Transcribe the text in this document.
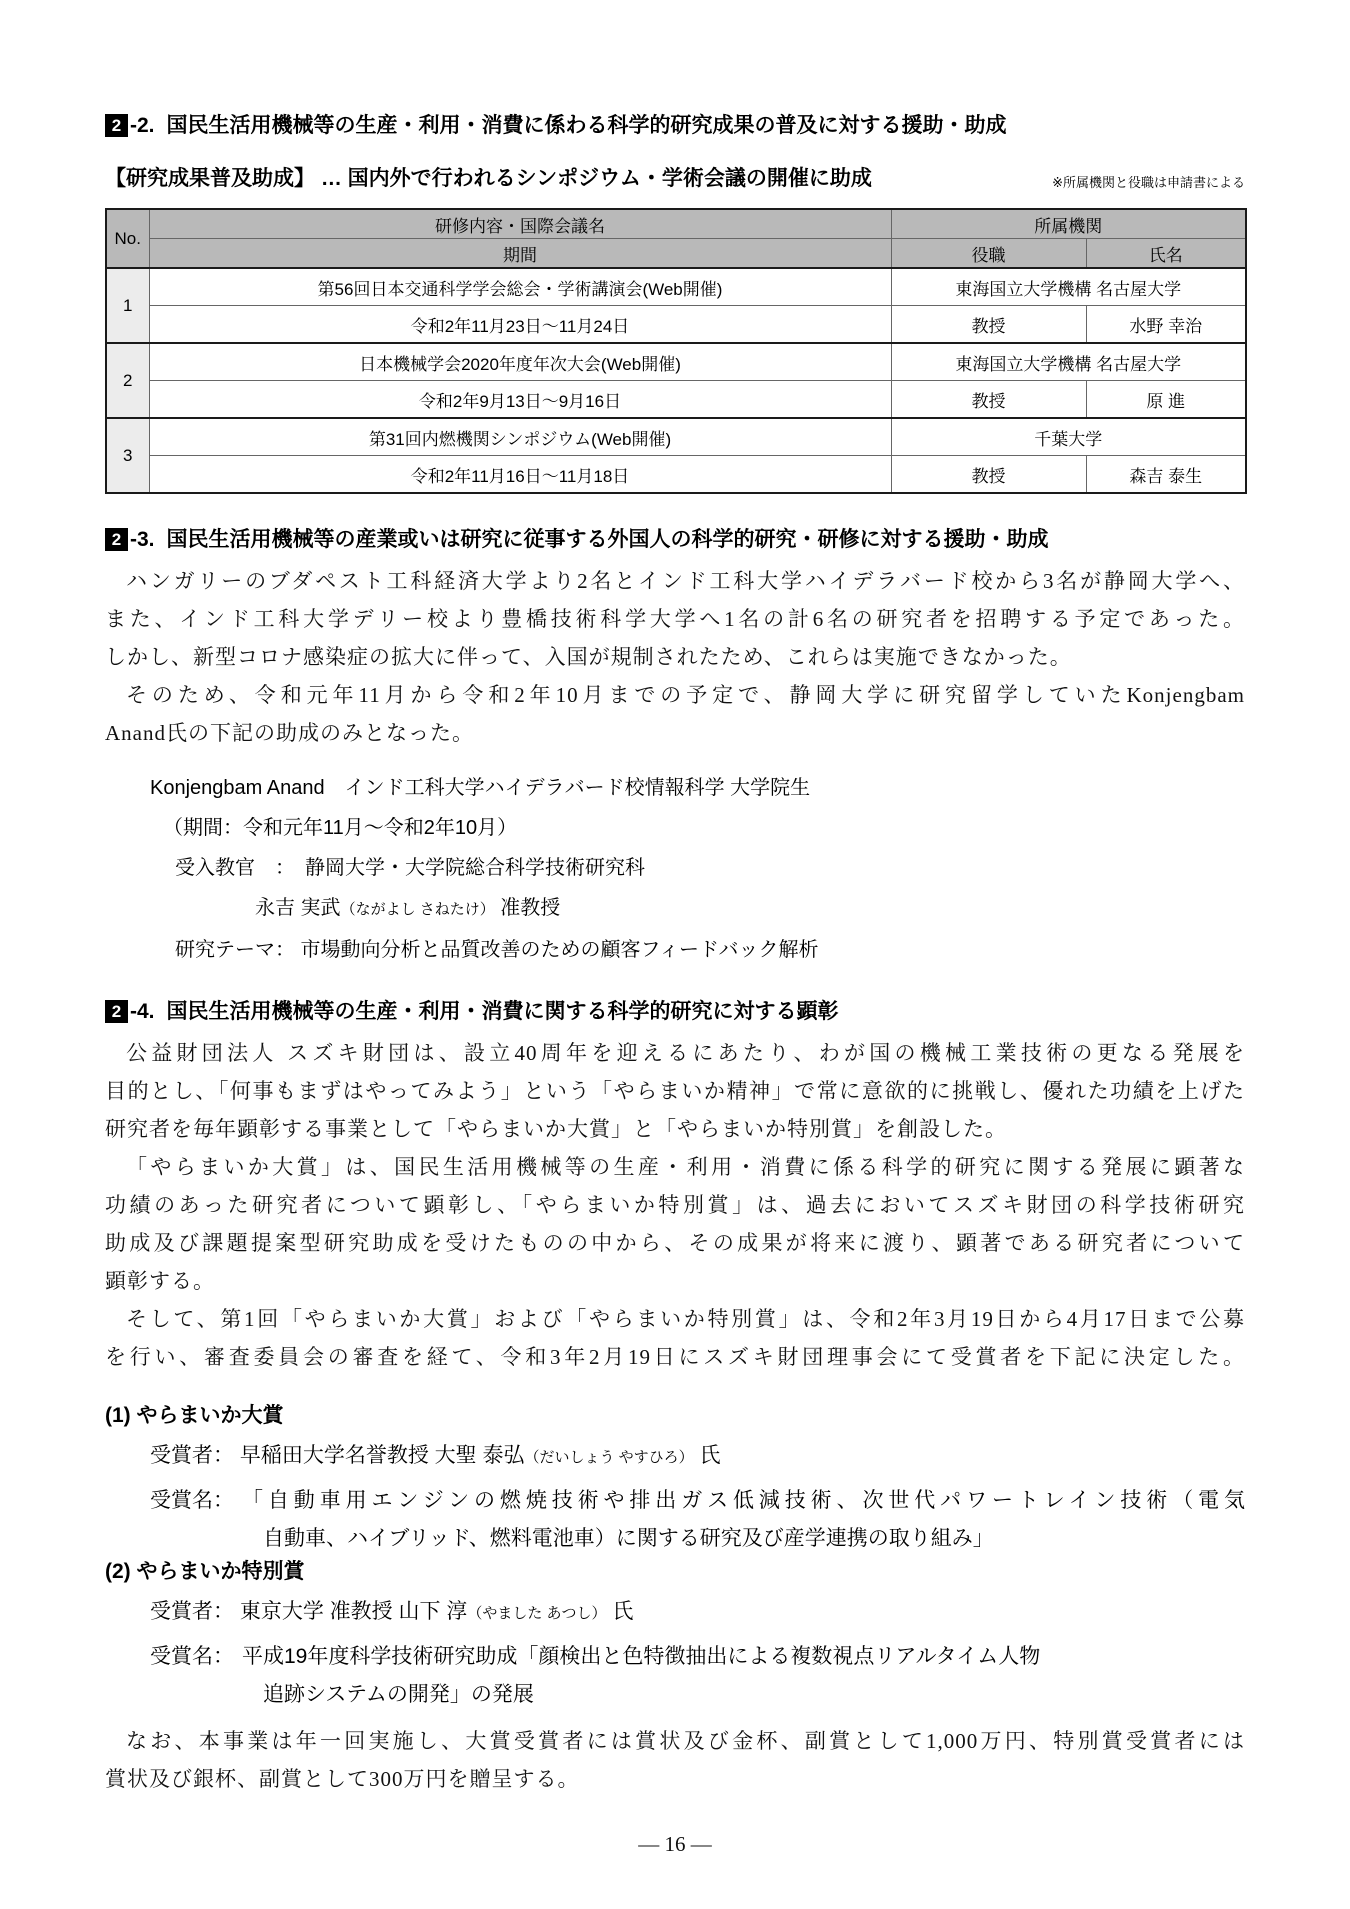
2 -2. 国民生活用機械等の生産・利用・消費に係わる科学的研究成果の普及に対する援助・助成
【研究成果普及助成】 … 国内外で行われるシンポジウム・学術会議の開催に助成	※所属機関と役職は申請書による
No.	研修内容・国際会議名	所属機関	
	期間	役職	氏名
1	第56回日本交通科学学会総会・学術講演会(Web開催)	東海国立大学機構 名古屋大学	
	令和2年11月23日～11月24日	教授	水野 幸治
2	日本機械学会2020年度年次大会(Web開催)	東海国立大学機構 名古屋大学	
	令和2年9月13日～9月16日	教授	原 進
3	第31回内燃機関シンポジウム(Web開催)	千葉大学	
	令和2年11月16日～11月18日	教授	森吉 泰生
2 -3. 国民生活用機械等の産業或いは研究に従事する外国人の科学的研究・研修に対する援助・助成
ハンガリーのブダペスト工科経済大学より2名とインド工科大学ハイデラバード校から3名が静岡大学へ、
また、インド工科大学デリー校より豊橋技術科学大学へ1名の計6名の研究者を招聘する予定であった。
しかし、新型コロナ感染症の拡大に伴って、入国が規制されたため、これらは実施できなかった。
そのため、令和元年11月から令和2年10月までの予定で、静岡大学に研究留学していたKonjengbam
Anand氏の下記の助成のみとなった。
Konjengbam Anand　インド工科大学ハイデラバード校情報科学 大学院生
（期間：令和元年11月～令和2年10月）
受入教官　：　静岡大学・大学院総合科学技術研究科
永吉 実武（ながよし さねたけ） 准教授
研究テーマ： 市場動向分析と品質改善のための顧客フィードバック解析
2 -4. 国民生活用機械等の生産・利用・消費に関する科学的研究に対する顕彰
公益財団法人 スズキ財団は、設立40周年を迎えるにあたり、わが国の機械工業技術の更なる発展を
目的とし、「何事もまずはやってみよう」という「やらまいか精神」で常に意欲的に挑戦し、優れた功績を上げた
研究者を毎年顕彰する事業として「やらまいか大賞」と「やらまいか特別賞」を創設した。
「やらまいか大賞」は、国民生活用機械等の生産・利用・消費に係る科学的研究に関する発展に顕著な
功績のあった研究者について顕彰し、「やらまいか特別賞」は、過去においてスズキ財団の科学技術研究
助成及び課題提案型研究助成を受けたものの中から、その成果が将来に渡り、顕著である研究者について
顕彰する。
そして、第1回「やらまいか大賞」および「やらまいか特別賞」は、令和2年3月19日から4月17日まで公募
を行い、審査委員会の審査を経て、令和3年2月19日にスズキ財団理事会にて受賞者を下記に決定した。
(1) やらまいか大賞
受賞者： 早稲田大学名誉教授 大聖 泰弘（だいしょう やすひろ） 氏
受賞名： 「自動車用エンジンの燃焼技術や排出ガス低減技術、次世代パワートレイン技術（電気
自動車、ハイブリッド、燃料電池車）に関する研究及び産学連携の取り組み」
(2) やらまいか特別賞
受賞者： 東京大学 准教授 山下 淳（やました あつし） 氏
受賞名： 平成19年度科学技術研究助成「顔検出と色特徴抽出による複数視点リアルタイム人物
追跡システムの開発」の発展
なお、本事業は年一回実施し、大賞受賞者には賞状及び金杯、副賞として1,000万円、特別賞受賞者には
賞状及び銀杯、副賞として300万円を贈呈する。
— 16 —
